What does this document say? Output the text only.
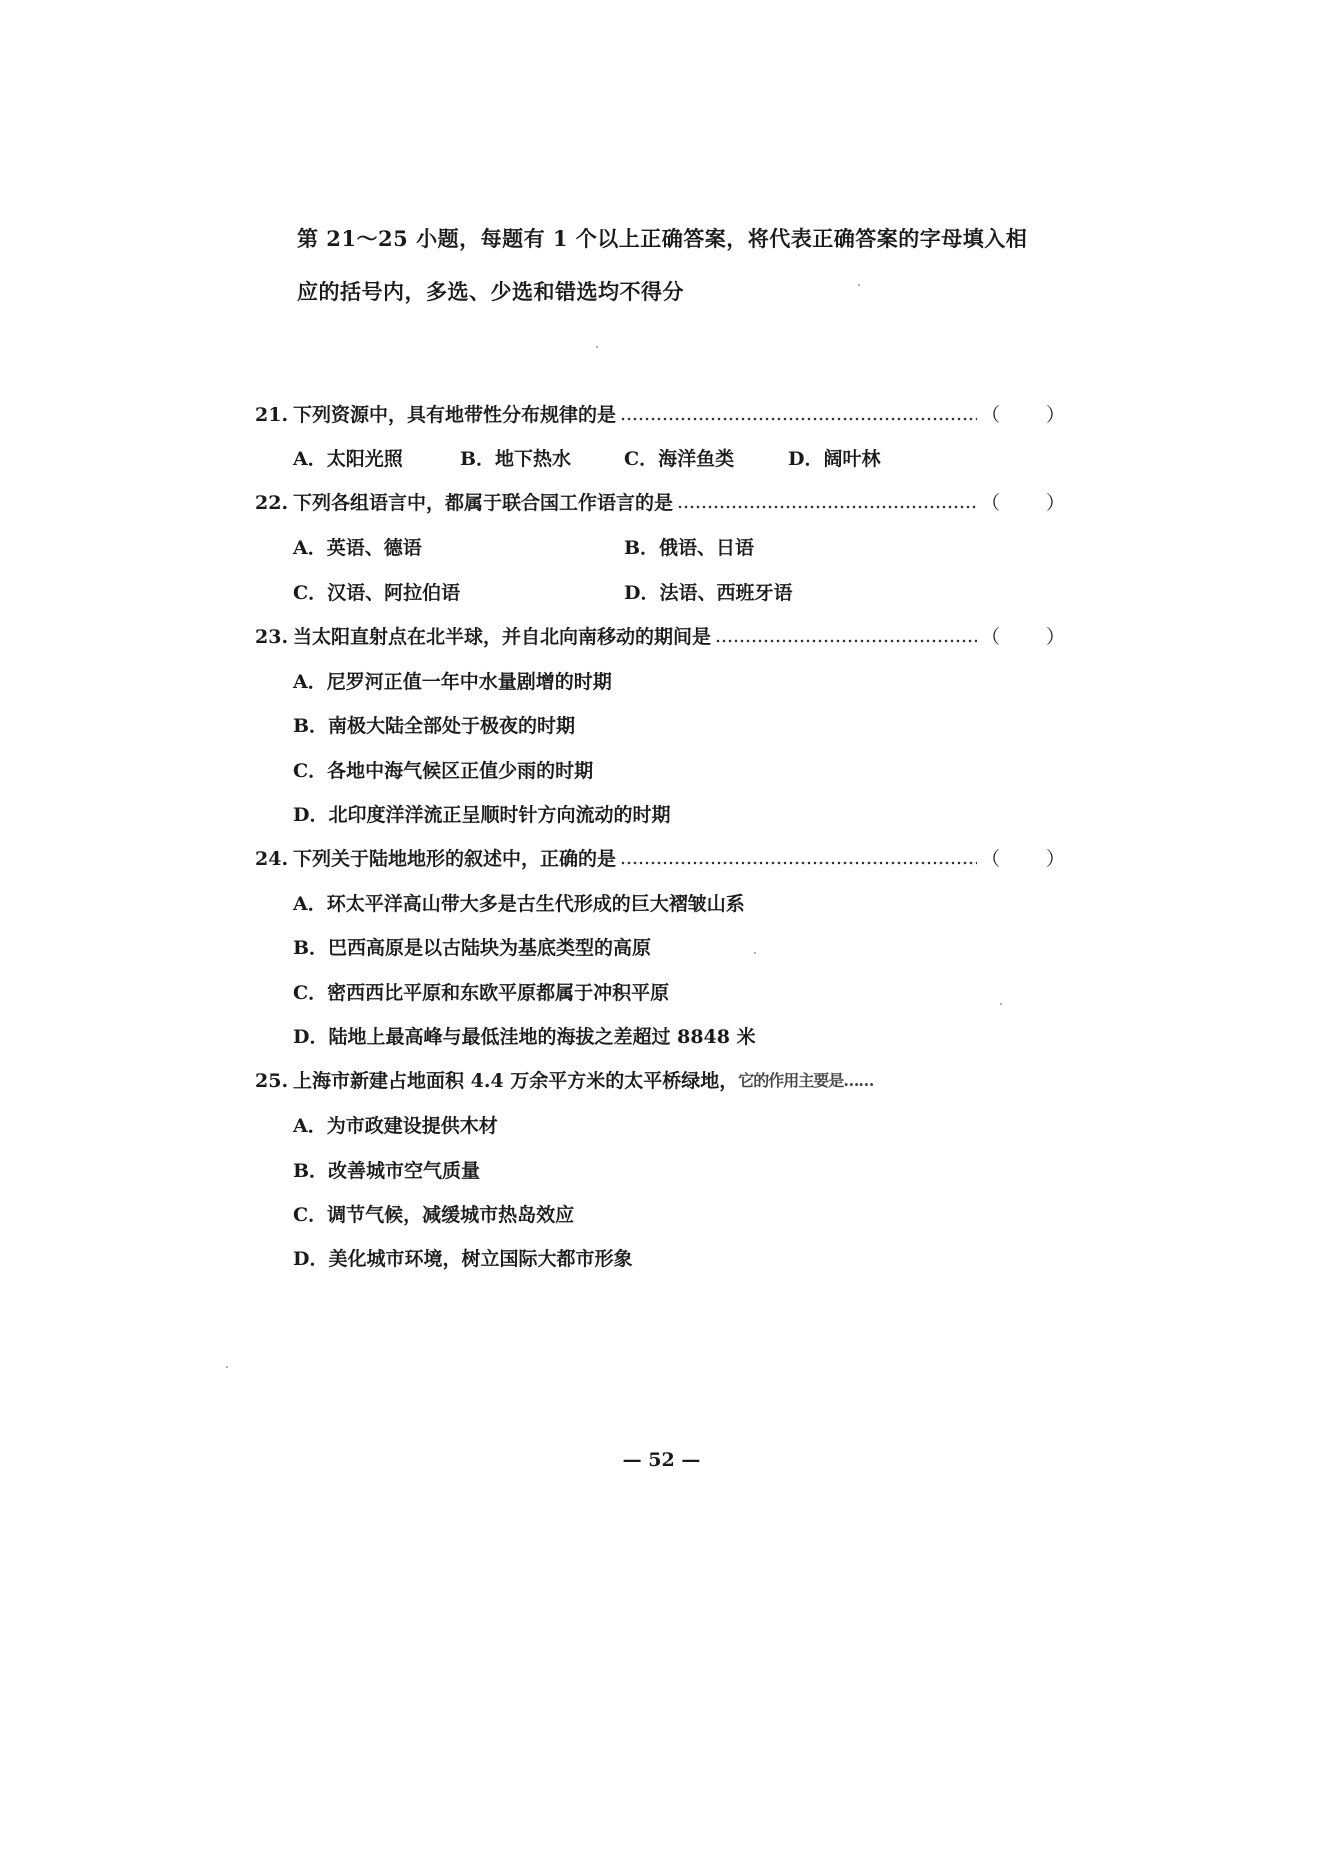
第 21～25 小题，每题有 1 个以上正确答案，将代表正确答案的字母填入相
应的括号内，多选、少选和错选均不得分
21. 下列资源中，具有地带性分布规律的是	（ ）
A．太阳光照	B．地下热水	C．海洋鱼类	D．阔叶林
22. 下列各组语言中，都属于联合国工作语言的是	（ ）
A．英语、德语	B．俄语、日语
C．汉语、阿拉伯语	D．法语、西班牙语
23. 当太阳直射点在北半球，并自北向南移动的期间是	（ ）
A．尼罗河正值一年中水量剧增的时期
B．南极大陆全部处于极夜的时期
C．各地中海气候区正值少雨的时期
D．北印度洋洋流正呈顺时针方向流动的时期
24. 下列关于陆地地形的叙述中，正确的是	（ ）
A．环太平洋高山带大多是古生代形成的巨大褶皱山系
B．巴西高原是以古陆块为基底类型的高原
C．密西西比平原和东欧平原都属于冲积平原
D．陆地上最高峰与最低洼地的海拔之差超过 8848 米
25. 上海市新建占地面积 4.4 万余平方米的太平桥绿地， 它的作用主要是 ……
A．为市政建设提供木材
B．改善城市空气质量
C．调节气候，减缓城市热岛效应
D．美化城市环境，树立国际大都市形象
— 52 —
